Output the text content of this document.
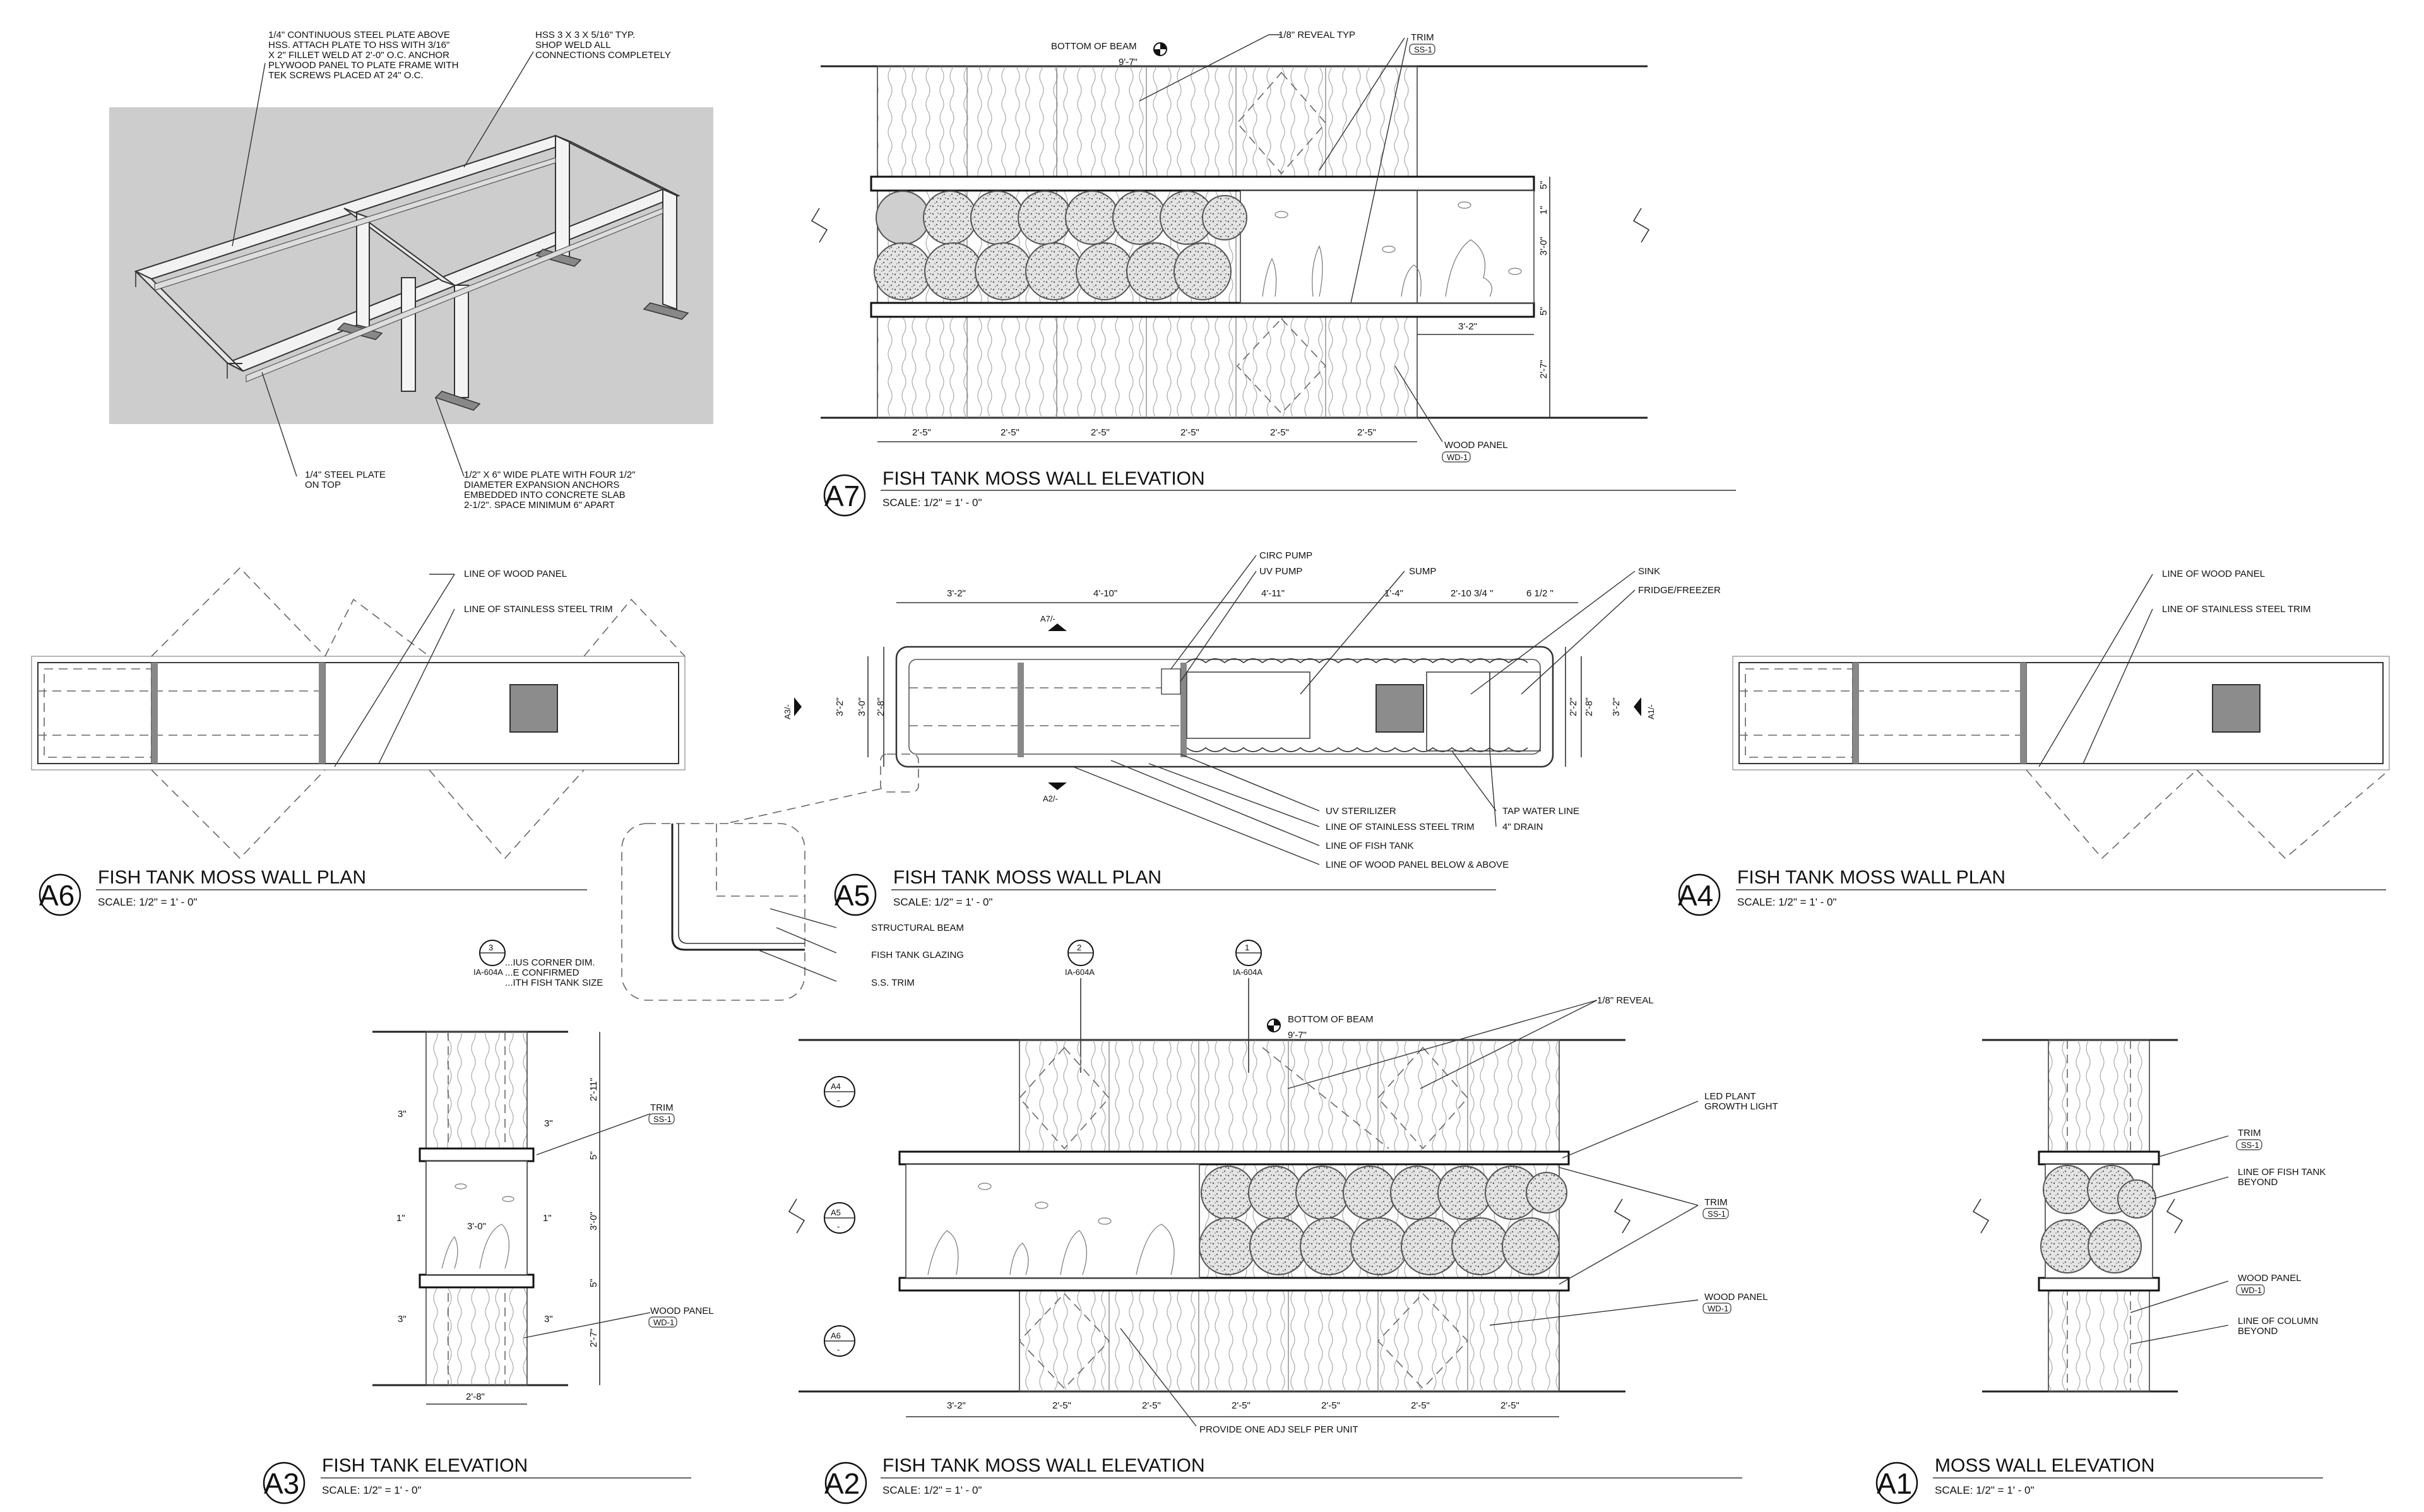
1/4" CONTINUOUS STEEL PLATE ABOVE HSS. ATTACH PLATE TO HSS WITH 3/16" X 2" FILLET WELD AT 2'-0" O.C. ANCHOR PLYWOOD PANEL TO PLATE FRAME WITH TEK SCREWS PLACED AT 24" O.C.
HSS 3 X 3 X 5/16" TYP. SHOP WELD ALL CONNECTIONS COMPLETELY
1/4" STEEL PLATE ON TOP
1/2" X 6" WIDE PLATE WITH FOUR 1/2" DIAMETER EXPANSION ANCHORS EMBEDDED INTO CONCRETE SLAB 2-1/2". SPACE MINIMUM 6" APART
2'-5"	2'-5"	2'-5"	2'-5"	2'-5"	2'-5"
5"
1"
3'-0"
5"
2'-7"
3'-2"
BOTTOM OF BEAM
9'-7"
1/8" REVEAL TYP	TRIM
SS-1
WOOD PANEL
WD-1
A7
FISH TANK MOSS WALL ELEVATION
SCALE: 1/2" = 1' - 0"
LINE OF WOOD PANEL
LINE OF STAINLESS STEEL TRIM
A6
FISH TANK MOSS WALL PLAN
SCALE: 1/2" = 1' - 0"
3'-2"	4'-10"	4'-11"	1'-4"	2'-10 3/4 "	6 1/2 "
3'-2" 3'-0" 2'-8"	2'-2" 2'-8" 3'-2"
A7/-
A2/-
A3/-	A1/-
CIRC PUMP
UV PUMP	SUMP	SINK
FRIDGE/FREEZER
UV STERILIZER
LINE OF STAINLESS STEEL TRIM
LINE OF FISH TANK
LINE OF WOOD PANEL BELOW & ABOVE
TAP WATER LINE
4" DRAIN
STRUCTURAL BEAM
FISH TANK GLAZING
S.S. TRIM
A5
FISH TANK MOSS WALL PLAN
SCALE: 1/2" = 1' - 0"
LINE OF WOOD PANEL
LINE OF STAINLESS STEEL TRIM
A4
FISH TANK MOSS WALL PLAN
SCALE: 1/2" = 1' - 0"
3
IA-604A
...IUS CORNER DIM. ...E CONFIRMED ...ITH FISH TANK SIZE
2'-11"
5"
3'-0"
5"
2'-7"
3"
3"
3"	3"
1"	1"
3'-0"
2'-8"
TRIM
SS-1
WOOD PANEL
WD-1
A3
FISH TANK ELEVATION
SCALE: 1/2" = 1' - 0"
2
IA-604A
1
IA-604A
A4
-
A5
-
A6
-
3'-2"	2'-5"	2'-5"	2'-5"	2'-5"	2'-5"	2'-5"
BOTTOM OF BEAM
9'-7"
1/8" REVEAL
LED PLANT GROWTH LIGHT
TRIM
SS-1
WOOD PANEL
WD-1
PROVIDE ONE ADJ SELF PER UNIT
A2
FISH TANK MOSS WALL ELEVATION
SCALE: 1/2" = 1' - 0"
TRIM
SS-1
LINE OF FISH TANK BEYOND
WOOD PANEL
WD-1
LINE OF COLUMN BEYOND
A1
MOSS WALL ELEVATION
SCALE: 1/2" = 1' - 0"
